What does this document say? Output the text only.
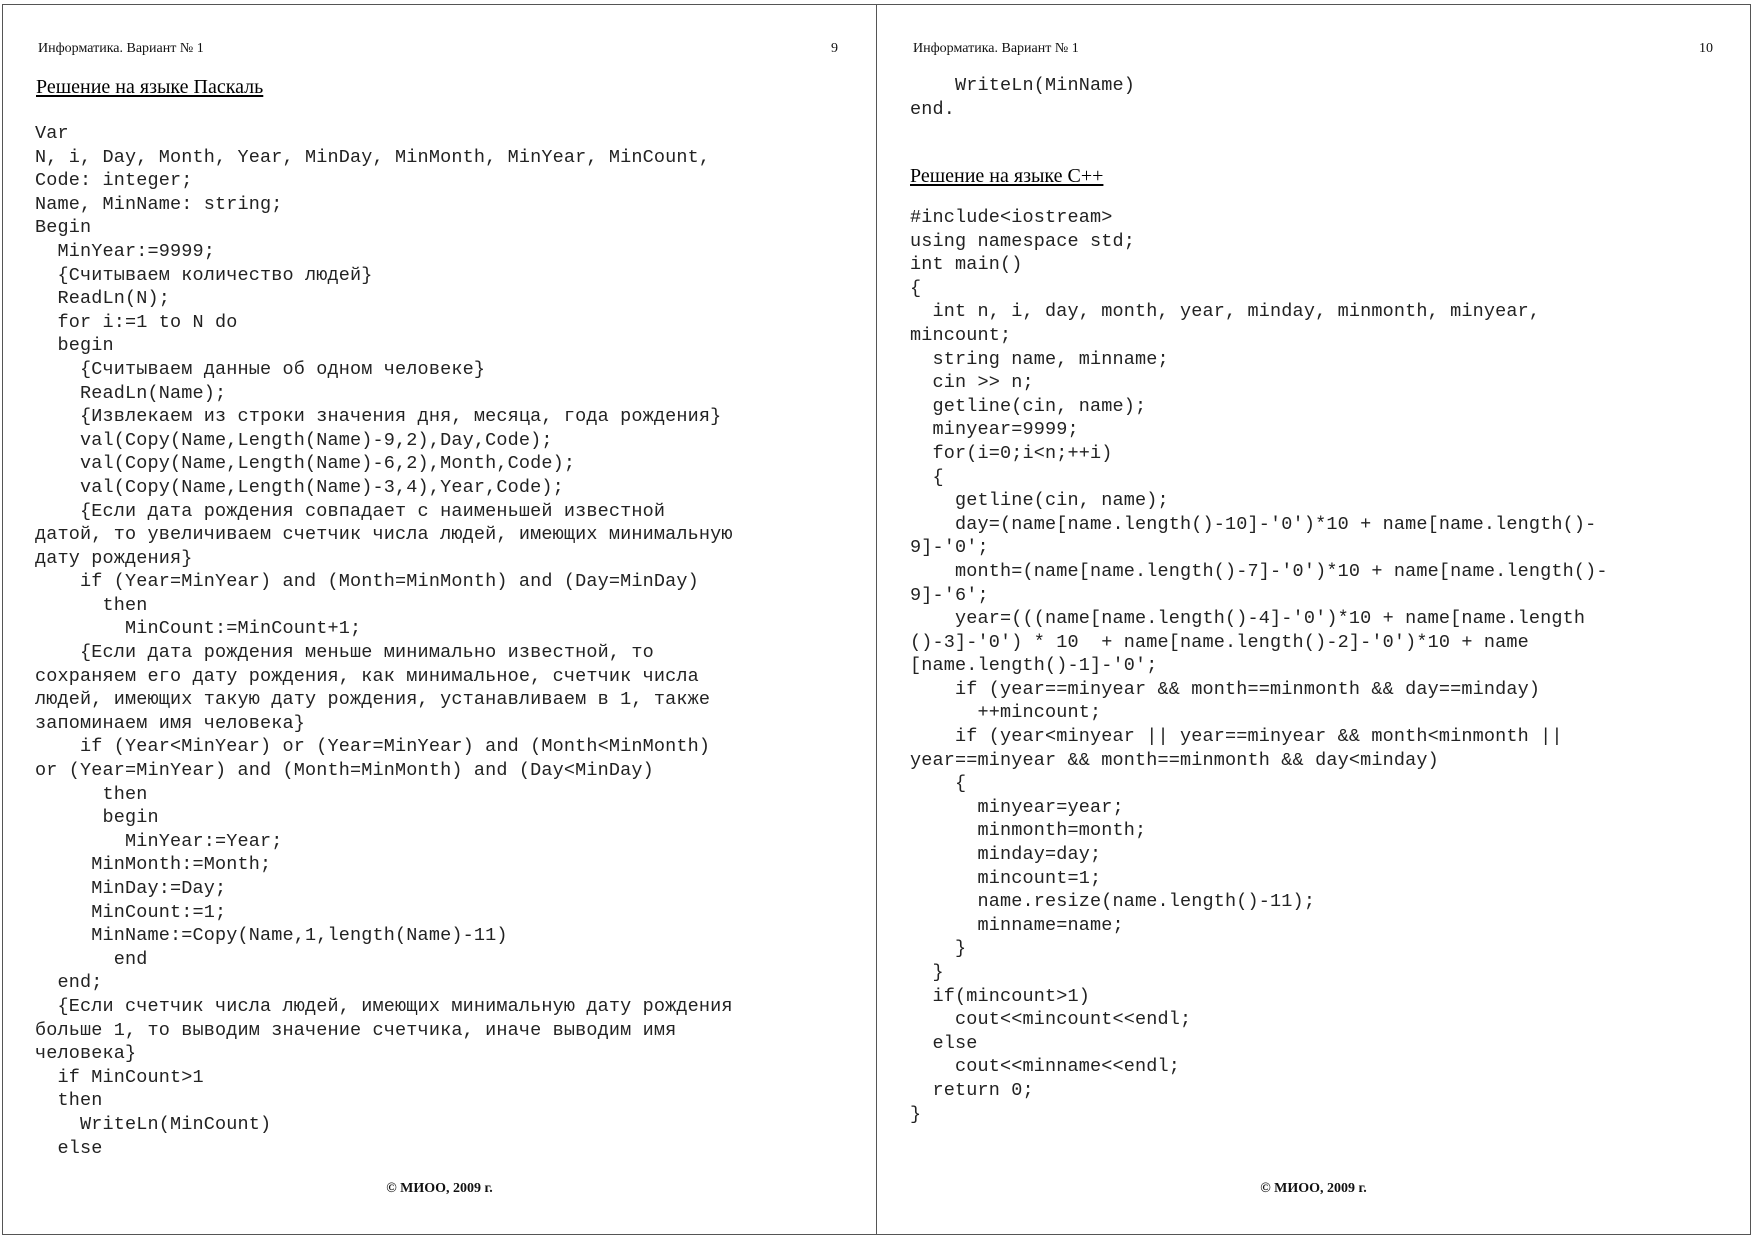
Информатика. Вариант № 1	9
Решение на языке Паскаль
Var
N, i, Day, Month, Year, MinDay, MinMonth, MinYear, MinCount,
Code: integer;
Name, MinName: string;
Begin
MinYear:=9999;
{Считываем количество людей}
ReadLn(N);
for i:=1 to N do
begin
{Считываем данные об одном человеке}
ReadLn(Name);
{Извлекаем из строки значения дня, месяца, года рождения}
val(Copy(Name,Length(Name)-9,2),Day,Code);
val(Copy(Name,Length(Name)-6,2),Month,Code);
val(Copy(Name,Length(Name)-3,4),Year,Code);
{Если дата рождения совпадает с наименьшей известной
датой, то увеличиваем счетчик числа людей, имеющих минимальную
дату рождения}
if (Year=MinYear) and (Month=MinMonth) and (Day=MinDay)
then
MinCount:=MinCount+1;
{Если дата рождения меньше минимально известной, то
сохраняем его дату рождения, как минимальное, счетчик числа
людей, имеющих такую дату рождения, устанавливаем в 1, также
запоминаем имя человека}
if (Year<MinYear) or (Year=MinYear) and (Month<MinMonth)
or (Year=MinYear) and (Month=MinMonth) and (Day<MinDay)
then
begin
MinYear:=Year;
MinMonth:=Month;
MinDay:=Day;
MinCount:=1;
MinName:=Copy(Name,1,length(Name)-11)
end
end;
{Если счетчик числа людей, имеющих минимальную дату рождения
больше 1, то выводим значение счетчика, иначе выводим имя
человека}
if MinCount>1
then
WriteLn(MinCount)
else
© МИОО, 2009 г.
Информатика. Вариант № 1	10
WriteLn(MinName)
end.
Решение на языке С++
#include<iostream>
using namespace std;
int main()
{
int n, i, day, month, year, minday, minmonth, minyear,
mincount;
string name, minname;
cin >> n;
getline(cin, name);
minyear=9999;
for(i=0;i<n;++i)
{
getline(cin, name);
day=(name[name.length()-10]-'0')*10 + name[name.length()-
9]-'0';
month=(name[name.length()-7]-'0')*10 + name[name.length()-
9]-'6';
year=(((name[name.length()-4]-'0')*10 + name[name.length
()-3]-'0') * 10  + name[name.length()-2]-'0')*10 + name
[name.length()-1]-'0';
if (year==minyear && month==minmonth && day==minday)
++mincount;
if (year<minyear || year==minyear && month<minmonth ||
year==minyear && month==minmonth && day<minday)
{
minyear=year;
minmonth=month;
minday=day;
mincount=1;
name.resize(name.length()-11);
minname=name;
}
}
if(mincount>1)
cout<<mincount<<endl;
else
cout<<minname<<endl;
return 0;
}
© МИОО, 2009 г.
